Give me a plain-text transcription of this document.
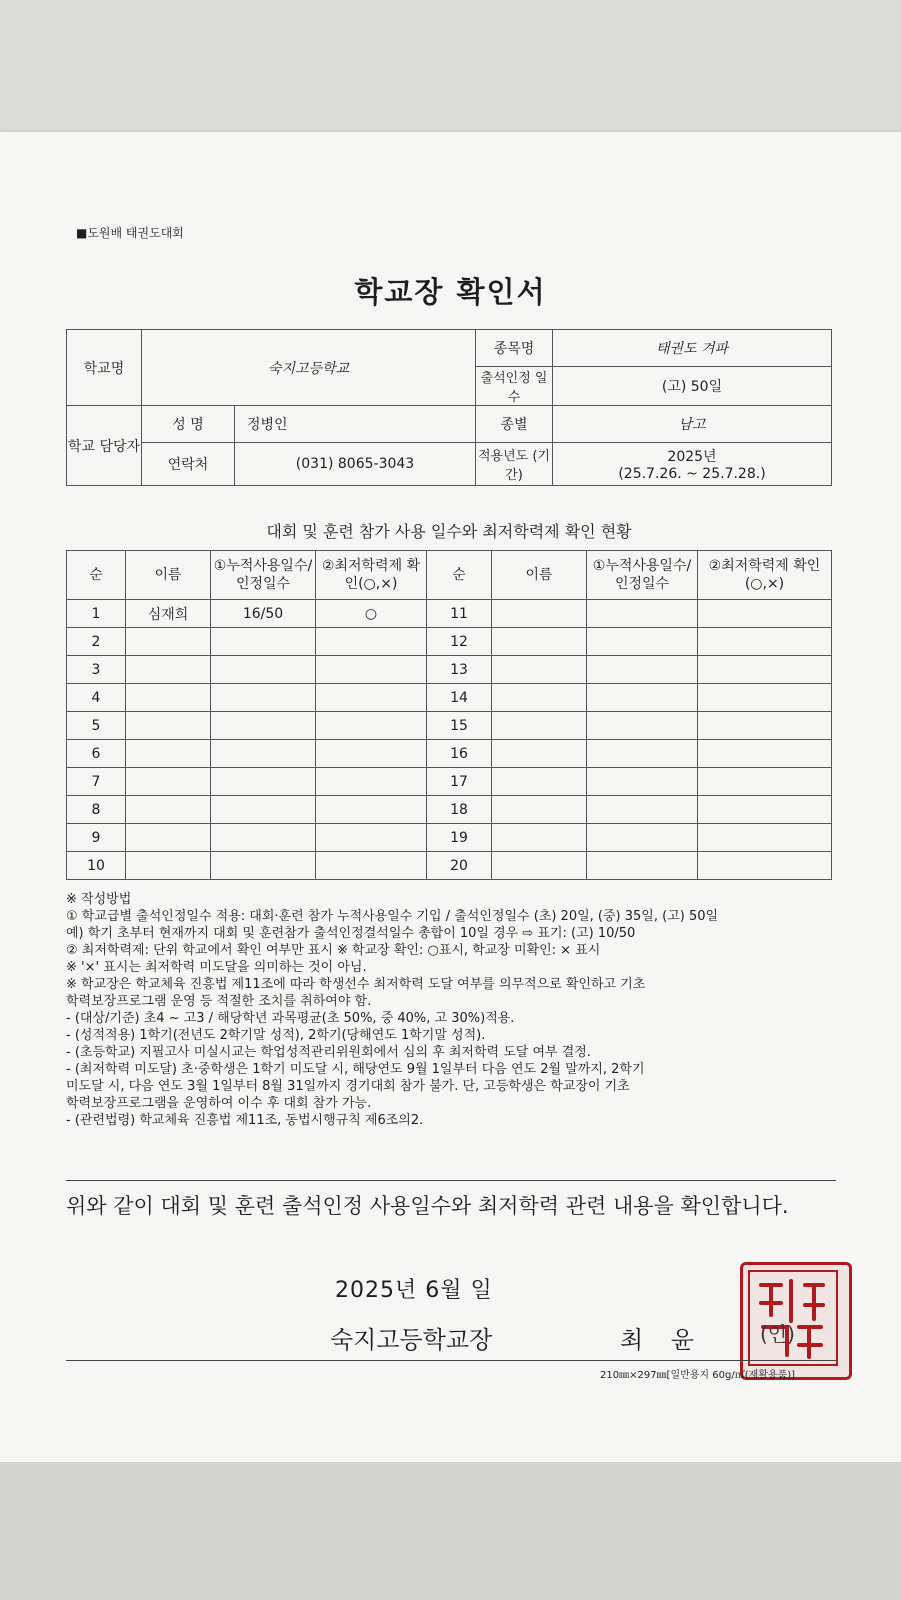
■도원배 태권도대회
학교장 확인서
학교명	숙지고등학교		종목명	태권도 겨파
			출석인정 일수	(고) 50일
학교 담당자	성 명	정병인	종별	남고
	연락처	(031) 8065-3043	적용년도 (기간)	2025년
(25.7.26. ~ 25.7.28.)
대회 및 훈련 참가 사용 일수와 최저학력제 확인 현황
순	이름	①누적사용일수/인정일수	②최저학력제 확인(○,×)	순	이름	①누적사용일수/인정일수	②최저학력제 확인(○,×)
1	심재희	16/50	○	11			
2				12			
3				13			
4				14			
5				15			
6				16			
7				17			
8				18			
9				19			
10				20			
※ 작성방법
① 학교급별 출석인정일수 적용: 대회·훈련 참가 누적사용일수 기입 / 출석인정일수 (초) 20일, (중) 35일, (고) 50일
예) 학기 초부터 현재까지 대회 및 훈련참가 출석인정결석일수 총합이 10일 경우 ⇨ 표기: (고) 10/50
② 최저학력제: 단위 학교에서 확인 여부만 표시 ※ 학교장 확인: ○표시, 학교장 미확인: × 표시
※ '×' 표시는 최저학력 미도달을 의미하는 것이 아님.
※ 학교장은 학교체육 진흥법 제11조에 따라 학생선수 최저학력 도달 여부를 의무적으로 확인하고 기초
학력보장프로그램 운영 등 적절한 조치를 취하여야 함.
- (대상/기준) 초4 ~ 고3 / 해당학년 과목평균(초 50%, 중 40%, 고 30%)적용.
- (성적적용) 1학기(전년도 2학기말 성적), 2학기(당해연도 1학기말 성적).
- (초등학교) 지필고사 미실시교는 학업성적관리위원회에서 심의 후 최저학력 도달 여부 결정.
- (최저학력 미도달) 초·중학생은 1학기 미도달 시, 해당연도 9월 1일부터 다음 연도 2월 말까지, 2학기
미도달 시, 다음 연도 3월 1일부터 8월 31일까지 경기대회 참가 불가. 단, 고등학생은 학교장이 기초
학력보장프로그램을 운영하여 이수 후 대회 참가 가능.
- (관련법령) 학교체육 진흥법 제11조, 동법시행규칙 제6조의2.
위와 같이 대회 및 훈련 출석인정 사용일수와 최저학력 관련 내용을 확인합니다.
2025년 6월 일
숙지고등학교장	최 윤	(인)
210㎜×297㎜[일반용지 60g/㎡(재활용품)]
